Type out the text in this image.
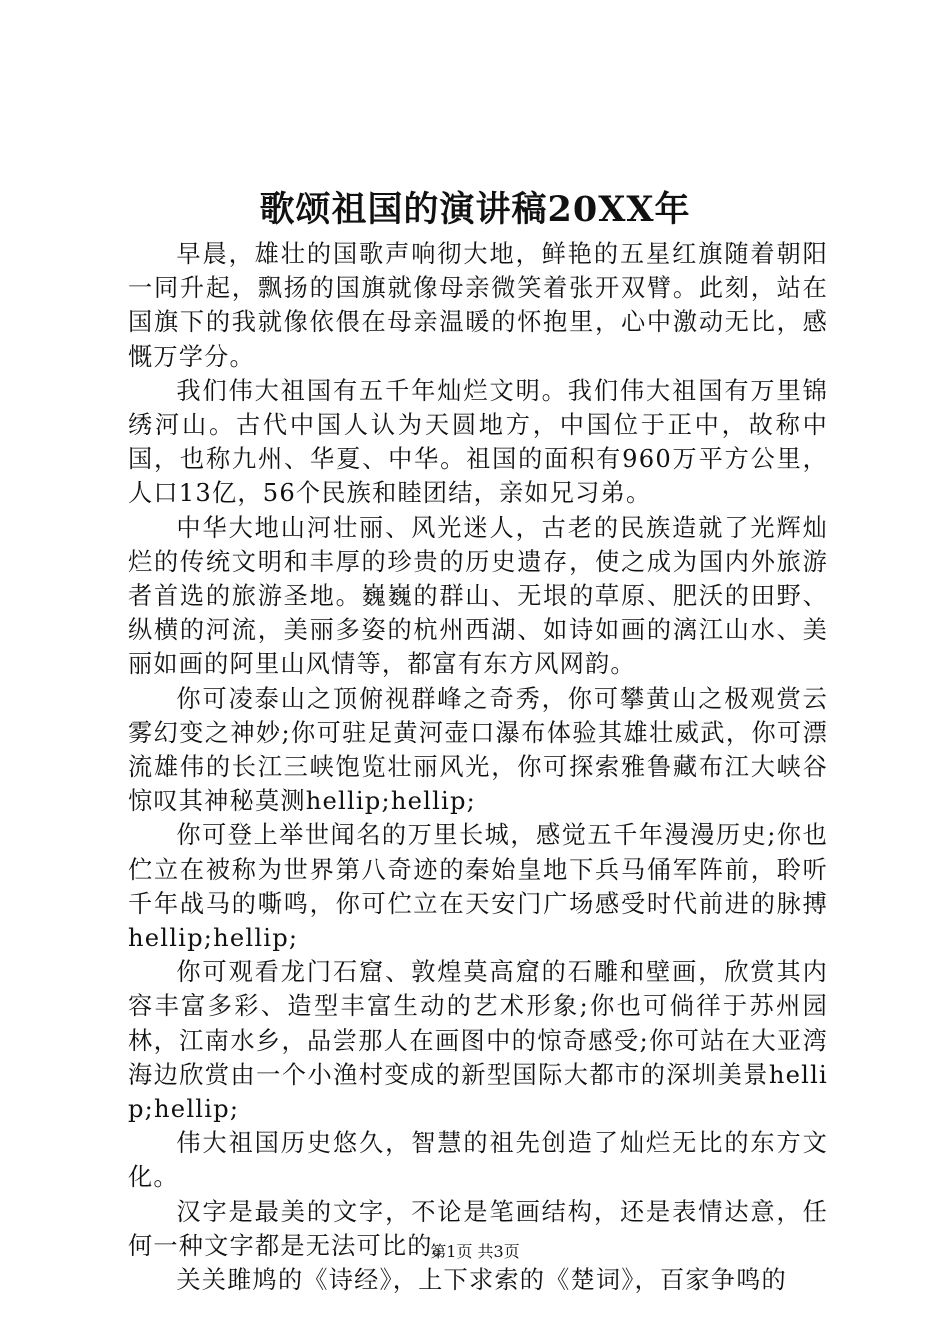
歌颂祖国的演讲稿20XX年

早晨，雄壮的国歌声响彻大地，鲜艳的五星红旗随着朝阳一同升起，飘扬的国旗就像母亲微笑着张开双臂。此刻，站在国旗下的我就像依偎在母亲温暖的怀抱里，心中激动无比，感慨万学分。

我们伟大祖国有五千年灿烂文明。我们伟大祖国有万里锦绣河山。古代中国人认为天圆地方，中国位于正中，故称中国，也称九州、华夏、中华。祖国的面积有960万平方公里，人口13亿，56个民族和睦团结，亲如兄习弟。

中华大地山河壮丽、风光迷人，古老的民族造就了光辉灿烂的传统文明和丰厚的珍贵的历史遗存，使之成为国内外旅游者首选的旅游圣地。巍巍的群山、无垠的草原、肥沃的田野、纵横的河流，美丽多姿的杭州西湖、如诗如画的漓江山水、美丽如画的阿里山风情等，都富有东方风网韵。

你可凌泰山之顶俯视群峰之奇秀，你可攀黄山之极观赏云雾幻变之神妙;你可驻足黄河壶口瀑布体验其雄壮威武，你可漂流雄伟的长江三峡饱览壮丽风光，你可探索雅鲁藏布江大峡谷惊叹其神秘莫测hellip;hellip;

你可登上举世闻名的万里长城，感觉五千年漫漫历史;你也伫立在被称为世界第八奇迹的秦始皇地下兵马俑军阵前，聆听千年战马的嘶鸣，你可伫立在天安门广场感受时代前进的脉搏hellip;hellip;

你可观看龙门石窟、敦煌莫高窟的石雕和壁画，欣赏其内容丰富多彩、造型丰富生动的艺术形象;你也可倘徉于苏州园林，江南水乡，品尝那人在画图中的惊奇感受;你可站在大亚湾海边欣赏由一个小渔村变成的新型国际大都市的深圳美景hellip;hellip;

伟大祖国历史悠久，智慧的祖先创造了灿烂无比的东方文化。

汉字是最美的文字，不论是笔画结构，还是表情达意，任何一种文字都是无法可比的。

关关雎鸠的《诗经》，上下求索的《楚词》，百家争鸣的

第1页 共3页
